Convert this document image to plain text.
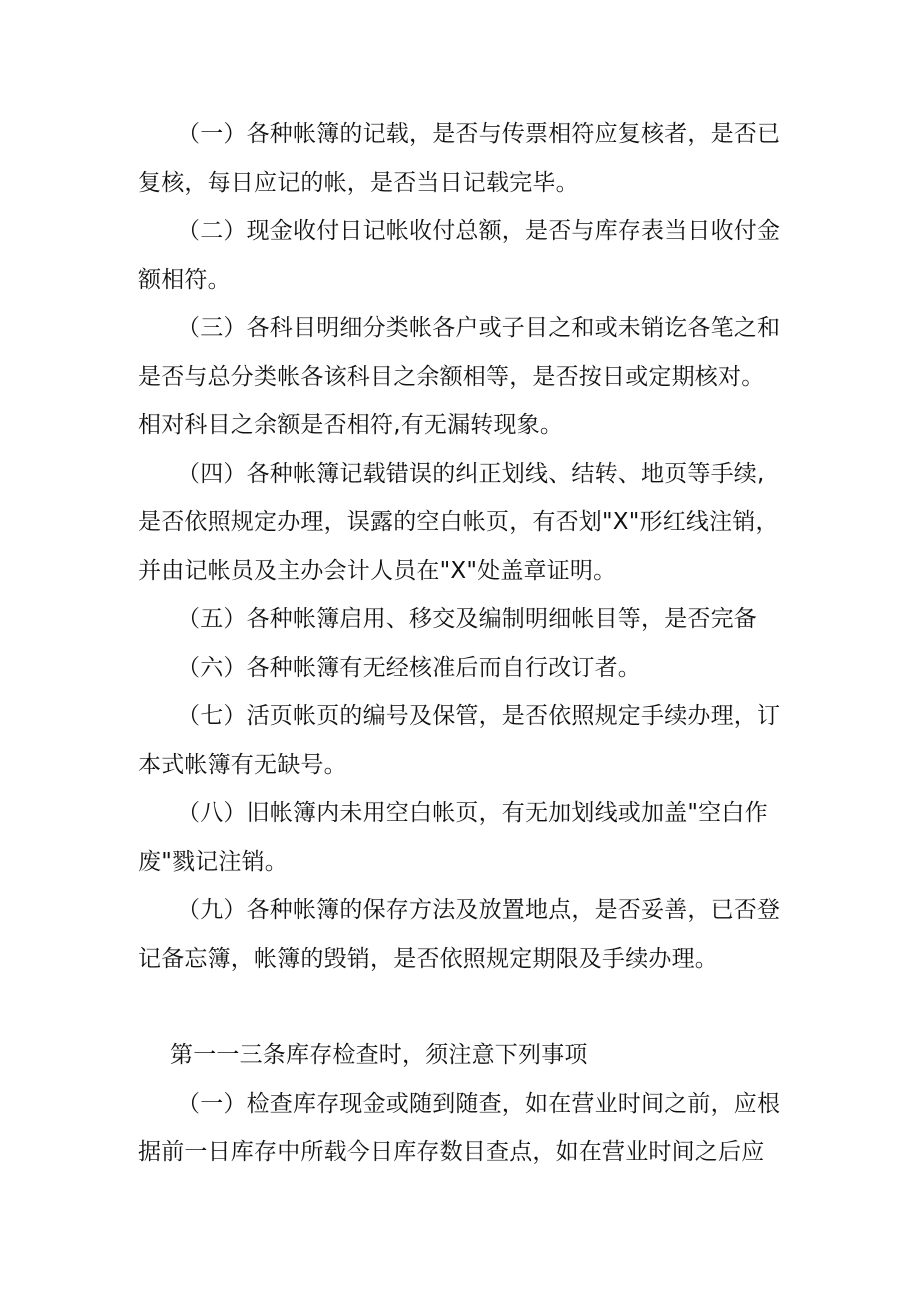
（一）各种帐簿的记载，是否与传票相符应复核者，是否已
复核，每日应记的帐，是否当日记载完毕。
（二）现金收付日记帐收付总额，是否与库存表当日收付金
额相符。
（三）各科目明细分类帐各户或子目之和或未销讫各笔之和
是否与总分类帐各该科目之余额相等，是否按日或定期核对。
相对科目之余额是否相符,有无漏转现象。
（四）各种帐簿记载错误的纠正划线、结转、地页等手续,
是否依照规定办理，误露的空白帐页，有否划"X"形红线注销，
并由记帐员及主办会计人员在"X"处盖章证明。
（五）各种帐簿启用、移交及编制明细帐目等，是否完备
（六）各种帐簿有无经核准后而自行改订者。
（七）活页帐页的编号及保管，是否依照规定手续办理，订
本式帐簿有无缺号。
（八）旧帐簿内未用空白帐页，有无加划线或加盖"空白作
废"戮记注销。
（九）各种帐簿的保存方法及放置地点，是否妥善，已否登
记备忘簿，帐簿的毁销，是否依照规定期限及手续办理。
第一一三条库存检查时，须注意下列事项
（一）检查库存现金或随到随查，如在营业时间之前，应根
据前一日库存中所载今日库存数目查点，如在营业时间之后应
